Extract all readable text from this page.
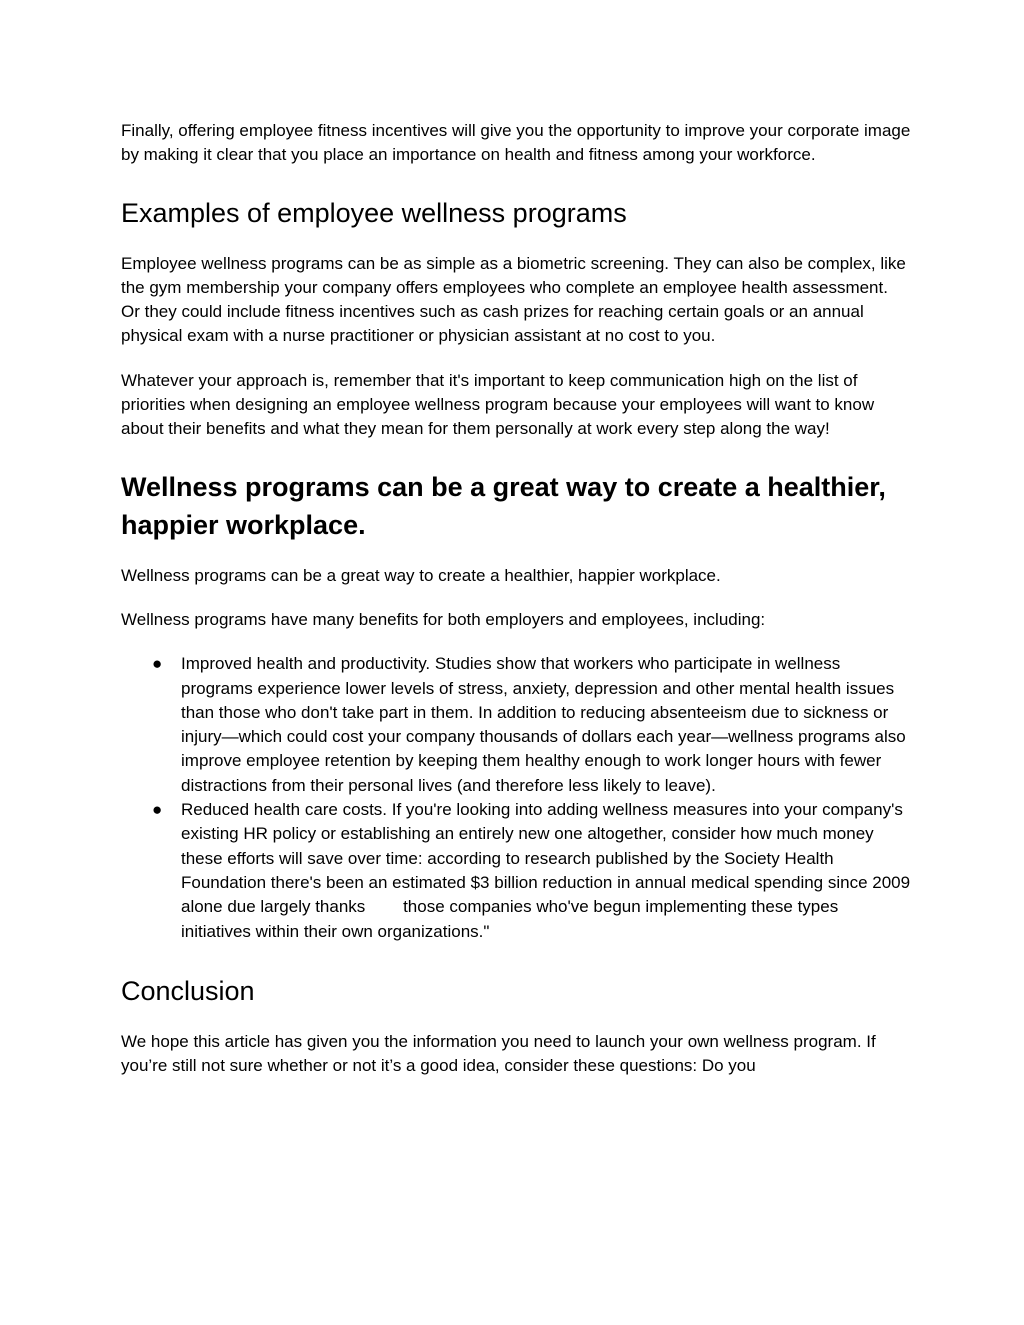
Finally, offering employee fitness incentives will give you the opportunity to improve your corporate image by making it clear that you place an importance on health and fitness among your workforce.

Examples of employee wellness programs

Employee wellness programs can be as simple as a biometric screening. They can also be complex, like the gym membership your company offers employees who complete an employee health assessment. Or they could include fitness incentives such as cash prizes for reaching certain goals or an annual physical exam with a nurse practitioner or physician assistant at no cost to you.

Whatever your approach is, remember that it's important to keep communication high on the list of priorities when designing an employee wellness program because your employees will want to know about their benefits and what they mean for them personally at work every step along the way!

Wellness programs can be a great way to create a healthier, happier workplace.

Wellness programs can be a great way to create a healthier, happier workplace.

Wellness programs have many benefits for both employers and employees, including:

● Improved health and productivity. Studies show that workers who participate in wellness programs experience lower levels of stress, anxiety, depression and other mental health issues than those who don't take part in them. In addition to reducing absenteeism due to sickness or injury—which could cost your company thousands of dollars each year—wellness programs also improve employee retention by keeping them healthy enough to work longer hours with fewer distractions from their personal lives (and therefore less likely to leave).
● Reduced health care costs. If you're looking into adding wellness measures into your company's existing HR policy or establishing an entirely new one altogether, consider how much money these efforts will save over time: according to research published by the Society Health Foundation there's been an estimated $3 billion reduction in annual medical spending since 2009 alone due largely thanks        those companies who've begun implementing these types initiatives within their own organizations."
Conclusion

We hope this article has given you the information you need to launch your own wellness program. If you’re still not sure whether or not it’s a good idea, consider these questions: Do you
